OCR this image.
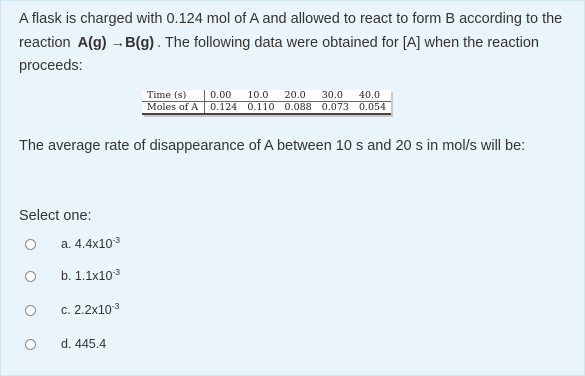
A flask is charged with 0.124 mol of A and allowed to react to form B according to the reaction A(g) →B(g) . The following data were obtained for [A] when the reaction proceeds:
Time (s)	0.00	10.0	20.0	30.0	40.0
Moles of A	0.124	0.110	0.088	0.073	0.054
The average rate of disappearance of A between 10 s and 20 s in mol/s will be:
Select one:
a. $4.4x10^{-3}$
b. $1.1x10^{-3}$
c. $2.2x10^{-3}$
d. 445.4
